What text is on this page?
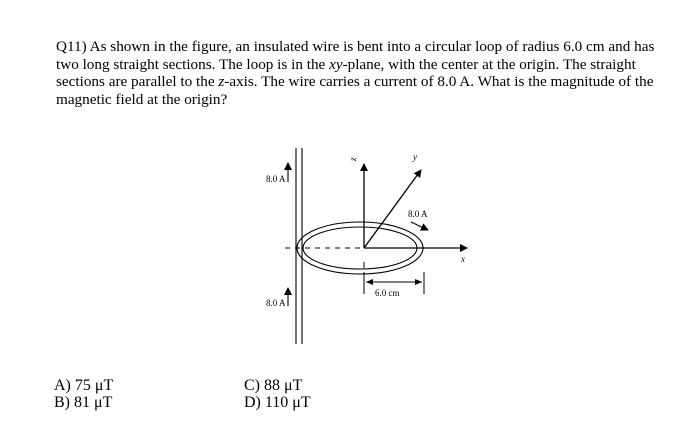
Q11) As shown in the figure, an insulated wire is bent into a circular loop of radius 6.0 cm and has two long straight sections. The loop is in the xy-plane, with the center at the origin. The straight sections are parallel to the z-axis. The wire carries a current of 8.0 A. What is the magnitude of the magnetic field at the origin?

z	y
x
8.0 A
8.0 A
8.0 A
6.0 cm
A) 75 μT
B) 81 μT
C) 88 μT
D) 110 μT
